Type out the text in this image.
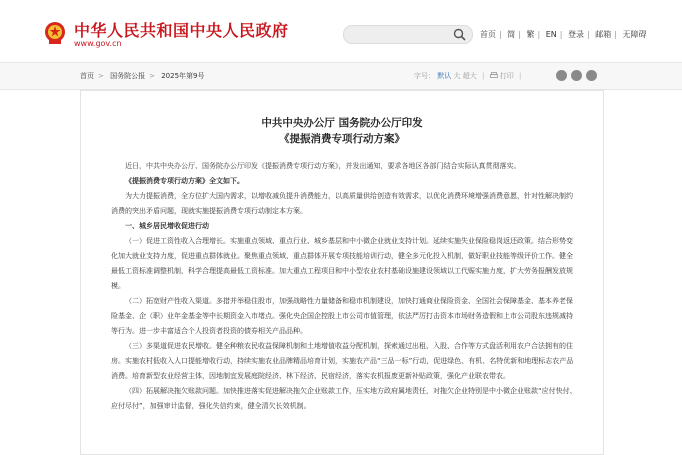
中华人民共和国中央人民政府
www.gov.cn
首页 | 简 | 繁 | EN | 登录 | 邮箱 | 无障碍
首页 > 国务院公报 > 2025年第9号	字号： 默认 大 超大 | 打印 |
中共中央办公厅 国务院办公厅印发
《提振消费专项行动方案》

近日，中共中央办公厅、国务院办公厅印发《提振消费专项行动方案》，并发出通知，要求各地区各部门结合实际认真贯彻落实。

《提振消费专项行动方案》全文如下。

为大力提振消费，全方位扩大国内需求，以增收减负提升消费能力，以高质量供给创造有效需求，以优化消费环境增强消费意愿，针对性解决制约消费的突出矛盾问题，现就实施提振消费专项行动制定本方案。

一、城乡居民增收促进行动

（一）促进工资性收入合理增长。实施重点领域、重点行业、城乡基层和中小微企业就业支持计划。延续实施失业保险稳岗返还政策。结合形势变化加大就业支持力度，促进重点群体就业。聚焦重点领域、重点群体开展专项技能培训行动，健全多元化投入机制，做好职业技能等级评价工作。健全最低工资标准调整机制，科学合理提高最低工资标准。加大重点工程项目和中小型农业农村基础设施建设领域以工代赈实施力度，扩大劳务报酬发放规模。

（二）拓宽财产性收入渠道。多措并举稳住股市，加强战略性力量储备和稳市机制建设，加快打通商业保险资金、全国社会保障基金、基本养老保险基金、企（职）业年金基金等中长期资金入市堵点。强化央企国企控股上市公司市值管理，依法严厉打击资本市场财务造假和上市公司股东违规减持等行为。进一步丰富适合个人投资者投资的债券相关产品品种。

（三）多渠道促进农民增收。健全种粮农民收益保障机制和土地增值收益分配机制，探索通过出租、入股、合作等方式盘活利用农户合法拥有的住房。实施农村低收入人口提能增收行动，持续实施农业品牌精品培育计划，实施农产品“三品一标”行动，促进绿色、有机、名特优新和地理标志农产品消费。培育新型农业经营主体，因地制宜发展庭院经济、林下经济、民宿经济，落实农机报废更新补贴政策，强化产业联农带农。

（四）拓展解决拖欠账款问题。加快推进落实促进解决拖欠企业账款工作，压实地方政府属地责任，对拖欠企业特别是中小微企业账款“应付快付、应付尽付”，加强审计监督，强化失信约束，健全清欠长效机制。
